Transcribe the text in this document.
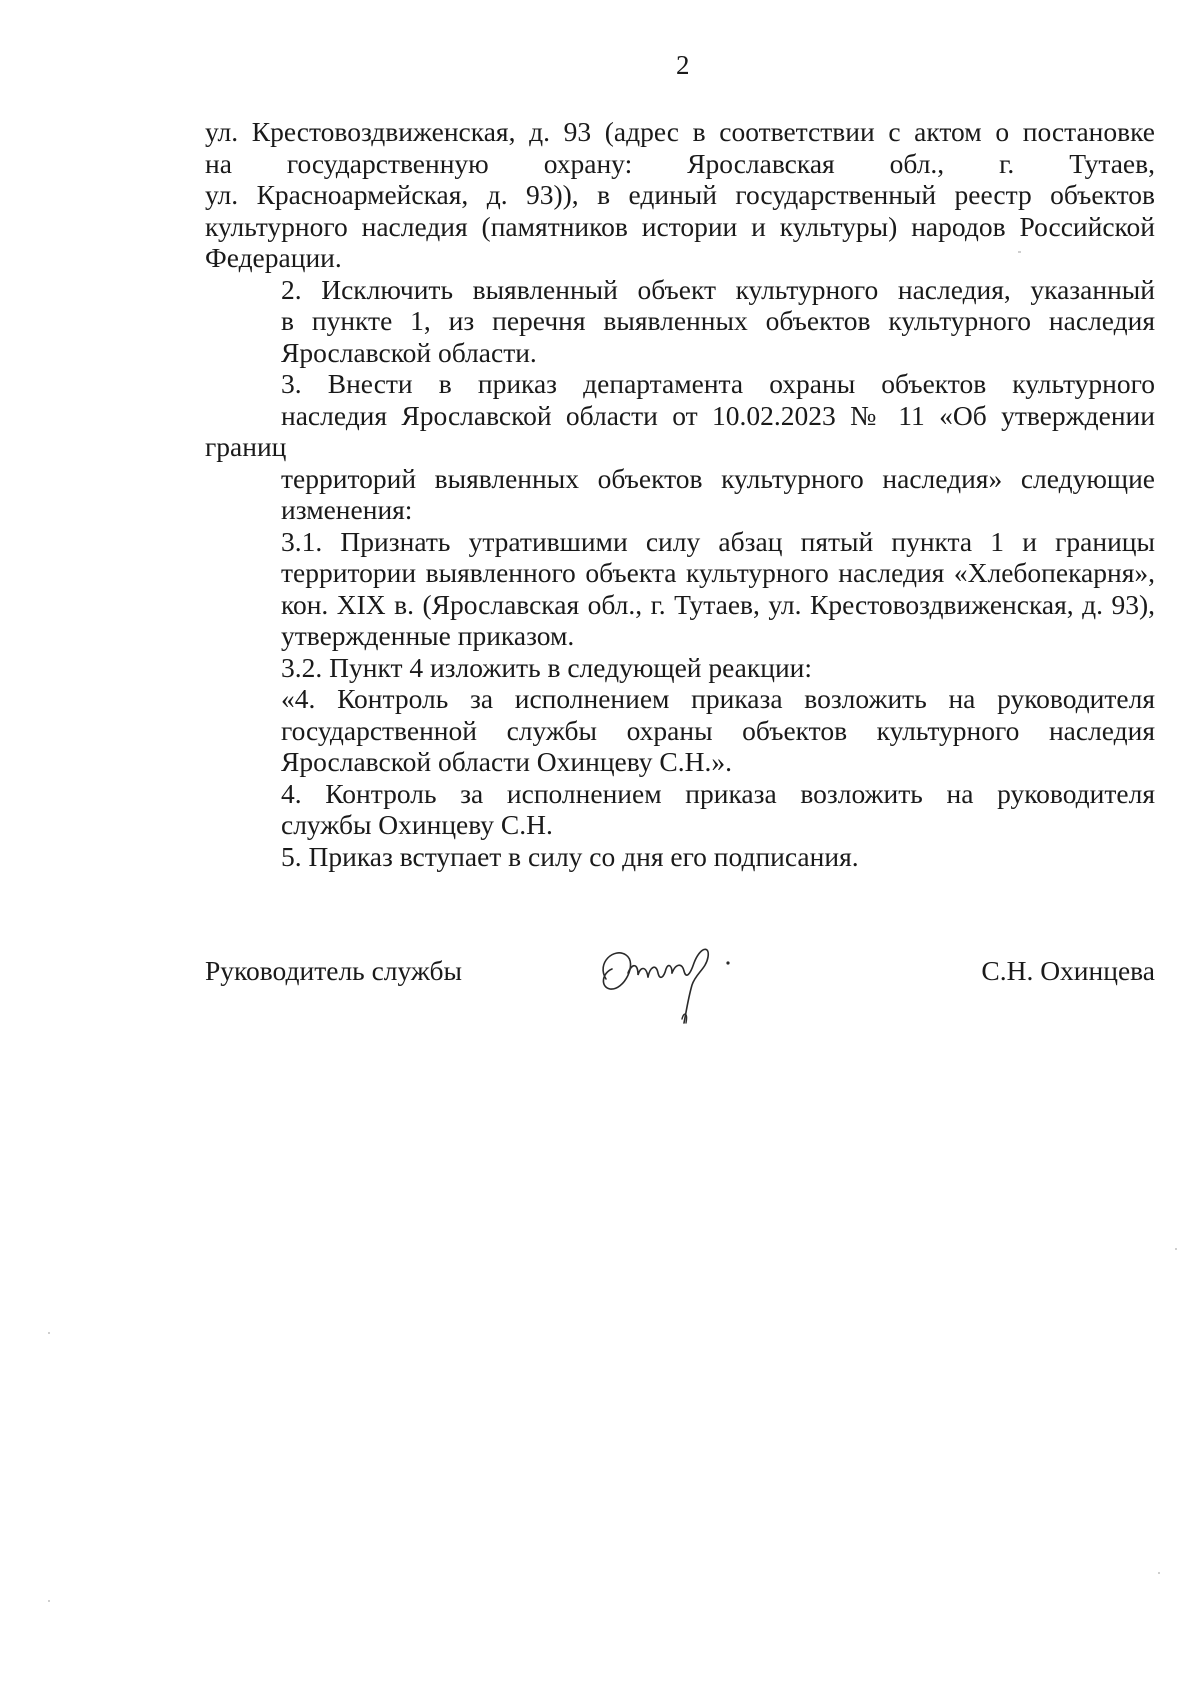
2
ул. Крестовоздвиженская, д. 93 (адрес в соответствии с актом о постановке
на государственную охрану: Ярославская обл., г. Тутаев,
ул. Красноармейская, д. 93)), в единый государственный реестр объектов
культурного наследия (памятников истории и культуры) народов Российской
Федерации.
2. Исключить выявленный объект культурного наследия, указанный
в пункте 1, из перечня выявленных объектов культурного наследия
Ярославской области.
3. Внести в приказ департамента охраны объектов культурного
наследия Ярославской области от 10.02.2023 № 11 «Об утверждении границ
территорий выявленных объектов культурного наследия» следующие
изменения:
3.1. Признать утратившими силу абзац пятый пункта 1 и границы
территории выявленного объекта культурного наследия «Хлебопекарня»,
кон. XIX в. (Ярославская обл., г. Тутаев, ул. Крестовоздвиженская, д. 93),
утвержденные приказом.
3.2. Пункт 4 изложить в следующей реакции:
«4. Контроль за исполнением приказа возложить на руководителя
государственной службы охраны объектов культурного наследия
Ярославской области Охинцеву С.Н.».
4. Контроль за исполнением приказа возложить на руководителя
службы Охинцеву С.Н.
5. Приказ вступает в силу со дня его подписания.
Руководитель службы	С.Н. Охинцева
